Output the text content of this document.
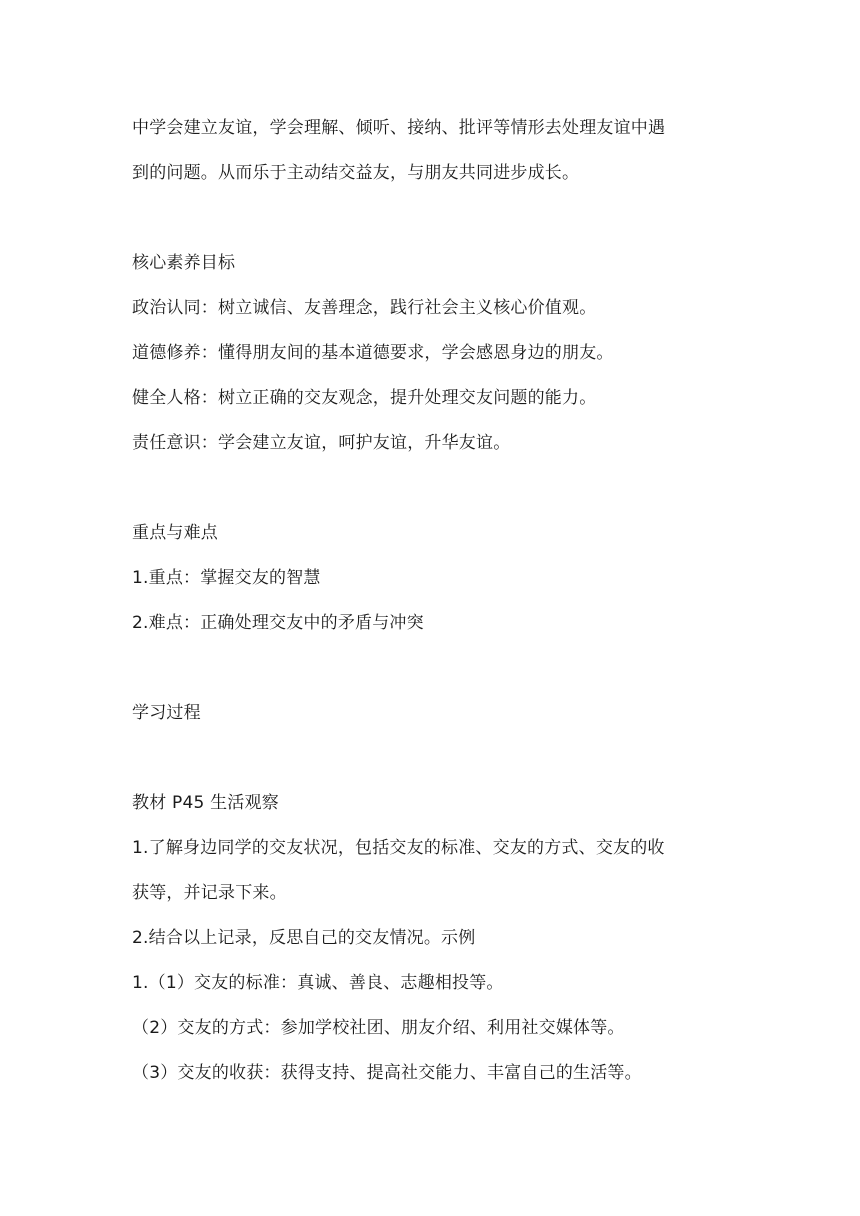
中学会建立友谊，学会理解、倾听、接纳、批评等情形去处理友谊中遇
到的问题。从而乐于主动结交益友，与朋友共同进步成长。
核心素养目标
政治认同：树立诚信、友善理念，践行社会主义核心价值观。
道德修养：懂得朋友间的基本道德要求，学会感恩身边的朋友。
健全人格：树立正确的交友观念，提升处理交友问题的能力。
责任意识：学会建立友谊，呵护友谊，升华友谊。
重点与难点
1.重点：掌握交友的智慧
2.难点：正确处理交友中的矛盾与冲突
学习过程
教材 P45 生活观察
1.了解身边同学的交友状况，包括交友的标准、交友的方式、交友的收
获等，并记录下来。
2.结合以上记录，反思自己的交友情况。示例
1.（1）交友的标准：真诚、善良、志趣相投等。
（2）交友的方式：参加学校社团、朋友介绍、利用社交媒体等。
（3）交友的收获：获得支持、提高社交能力、丰富自己的生活等。
